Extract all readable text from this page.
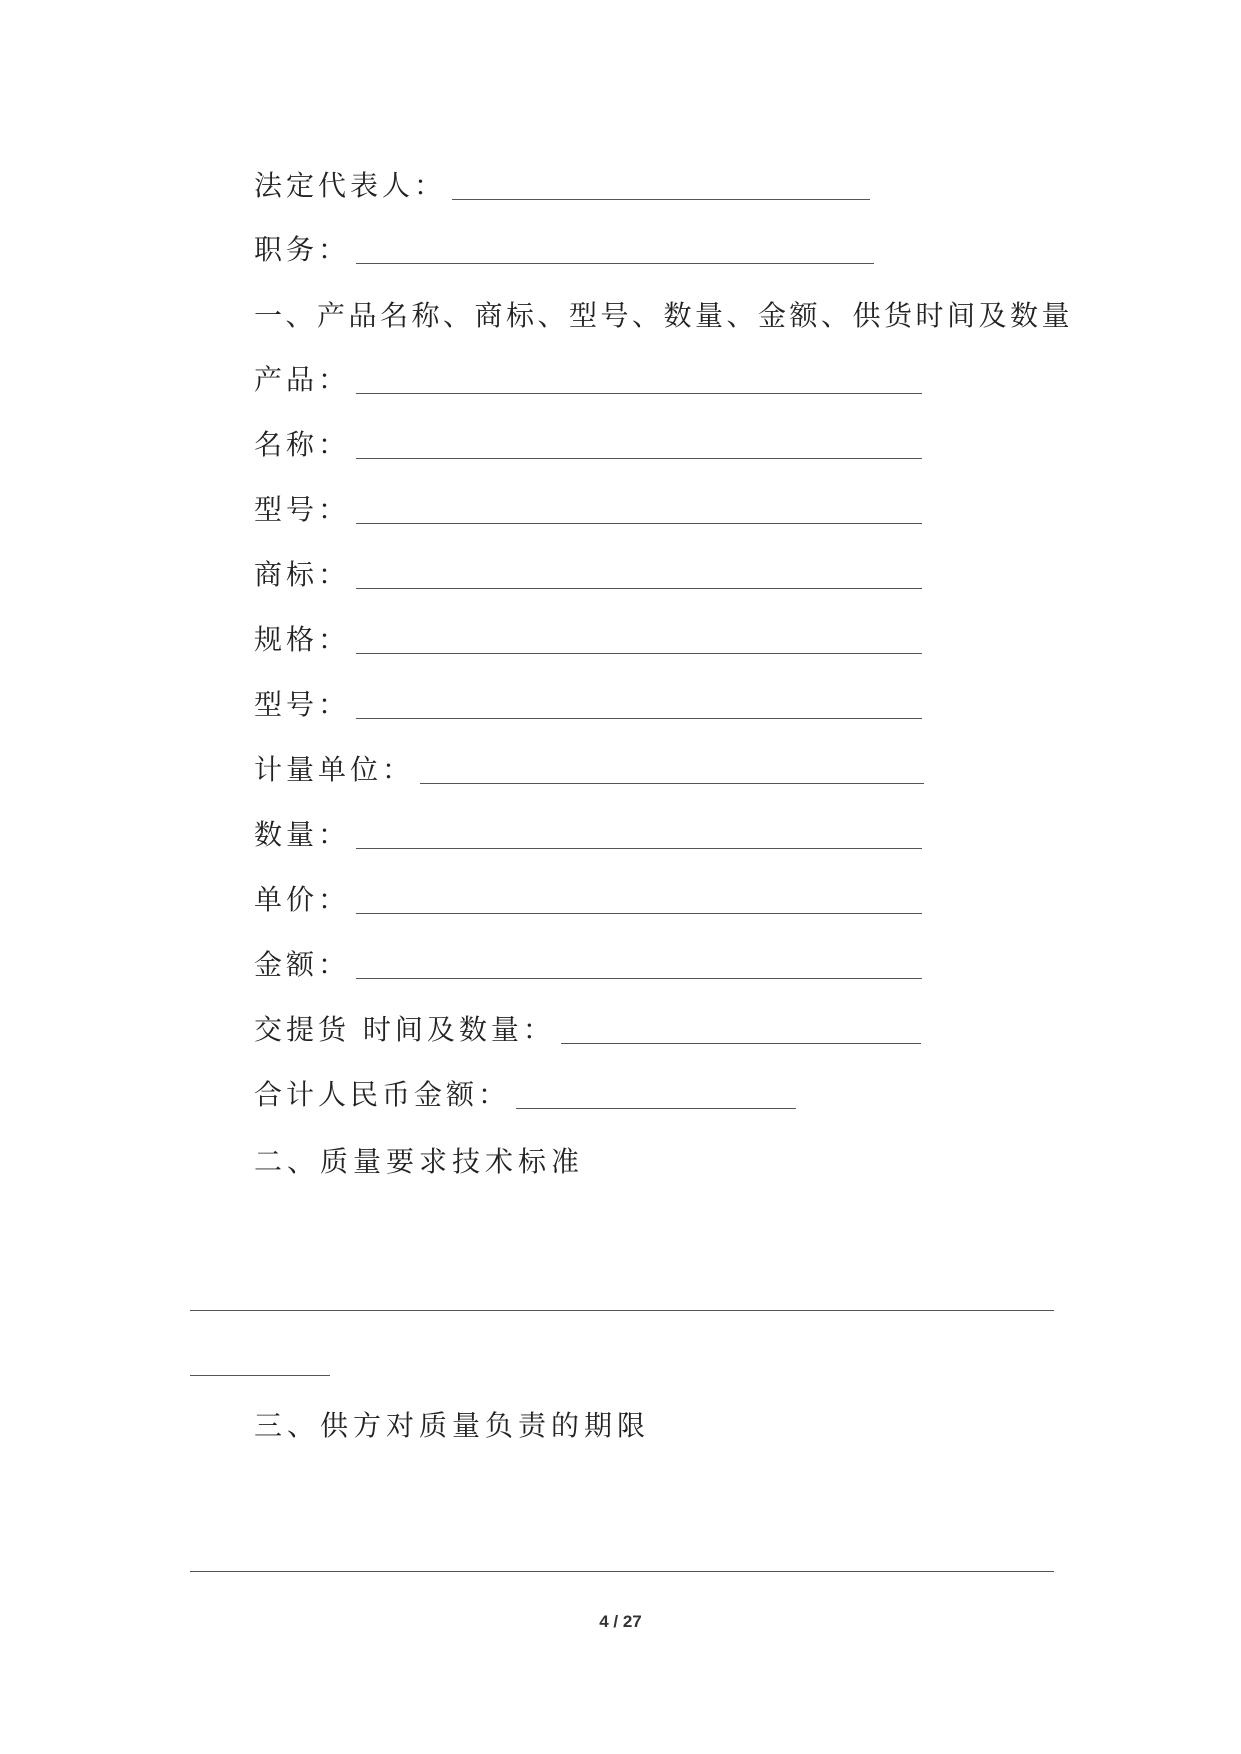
法定代表人：
职务：
一、产品名称、商标、型号、数量、金额、供货时间及数量
产品：
名称：
型号：
商标：
规格：
型号：
计量单位：
数量：
单价：
金额：
交提货 时间及数量：
合计人民币金额：
二、质量要求技术标准
三、供方对质量负责的期限
4 / 27
